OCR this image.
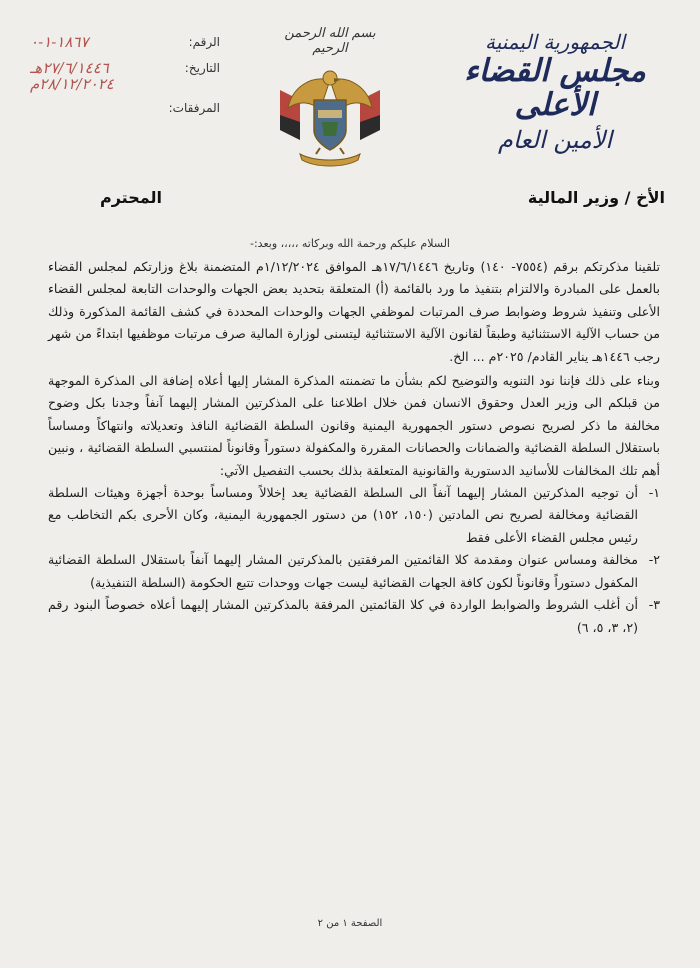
الجمهورية اليمنية
مجلس القضاء الأعلى
الأمين العام
بسم الله الرحمن الرحيم
الرقم:
١٨٦٧-١-٠
التاريخ:
٢٧/٦/١٤٤٦هـ
٢٨/١٢/٢٠٢٤م
المرفقات:
الأخ / وزير المالية
المحترم
السلام عليكم ورحمة الله وبركاته ،،،،، وبعد:-

تلقينا مذكرتكم برقم (٧٥٥٤- ١٤٠) وتاريخ ١٧/٦/١٤٤٦هـ الموافق ١/١٢/٢٠٢٤م المتضمنة بلاغ وزارتكم لمجلس القضاء بالعمل على المبادرة والالتزام بتنفيذ ما ورد بالقائمة (أ) المتعلقة بتحديد بعض الجهات والوحدات التابعة لمجلس القضاء الأعلى وتنفيذ شروط وضوابط صرف المرتبات لموظفي الجهات والوحدات المحددة في كشف القائمة المذكورة وذلك من حساب الآلية الاستثنائية وطبقاً لقانون الآلية الاستثنائية ليتسنى لوزارة المالية صرف مرتبات موظفيها ابتداءً من شهر رجب ١٤٤٦هـ يناير القادم/ ٢٠٢٥م ... الخ.

وبناء على ذلك فإننا نود التنويه والتوضيح لكم بشأن ما تضمنته المذكرة المشار إليها أعلاه إضافة الى المذكرة الموجهة من قبلكم الى وزير العدل وحقوق الانسان فمن خلال اطلاعنا على المذكرتين المشار إليهما آنفاً وجدنا بكل وضوح مخالفة ما ذكر لصريح نصوص دستور الجمهورية اليمنية وقانون السلطة القضائية النافذ وتعديلاته وانتهاكاً ومساساً باستقلال السلطة القضائية والضمانات والحصانات المقررة والمكفولة دستوراً وقانوناً لمنتسبي السلطة القضائية ، ونبين أهم تلك المخالفات للأسانيد الدستورية والقانونية المتعلقة بذلك بحسب التفصيل الآتي:

١-
أن توجيه المذكرتين المشار إليهما آنفاً الى السلطة القضائية يعد إخلالاً ومساساً بوحدة أجهزة وهيئات السلطة القضائية ومخالفة لصريح نص المادتين (١٥٠، ١٥٢) من دستور الجمهورية اليمنية، وكان الأحرى بكم التخاطب مع رئيس مجلس القضاء الأعلى فقط
٢-
مخالفة ومساس عنوان ومقدمة كلا القائمتين المرفقتين بالمذكرتين المشار إليهما آنفاً باستقلال السلطة القضائية المكفول دستوراً وقانوناً لكون كافة الجهات القضائية ليست جهات ووحدات تتبع الحكومة (السلطة التنفيذية)
٣-
أن أغلب الشروط والضوابط الواردة في كلا القائمتين المرفقة بالمذكرتين المشار إليهما أعلاه خصوصاً البنود رقم (٢، ٣، ٥، ٦)
الصفحة ١ من ٢
